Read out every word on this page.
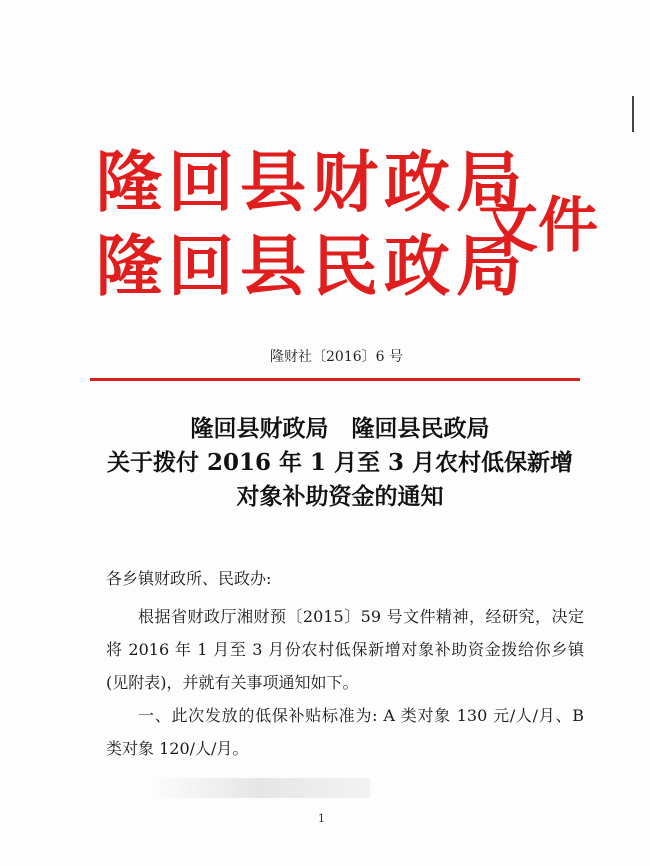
隆回县财政局
隆回县民政局
文件
隆财社〔2016〕6 号
隆回县财政局　隆回县民政局
关于拨付 2016 年 1 月至 3 月农村低保新增
对象补助资金的通知
各乡镇财政所、民政办:

根据省财政厅湘财预〔2015〕59 号文件精神，经研究，决定将 2016 年 1 月至 3 月份农村低保新增对象补助资金拨给你乡镇(见附表)，并就有关事项通知如下。

一、此次发放的低保补贴标准为: A 类对象 130 元/人/月、B 类对象 120/人/月。

1
